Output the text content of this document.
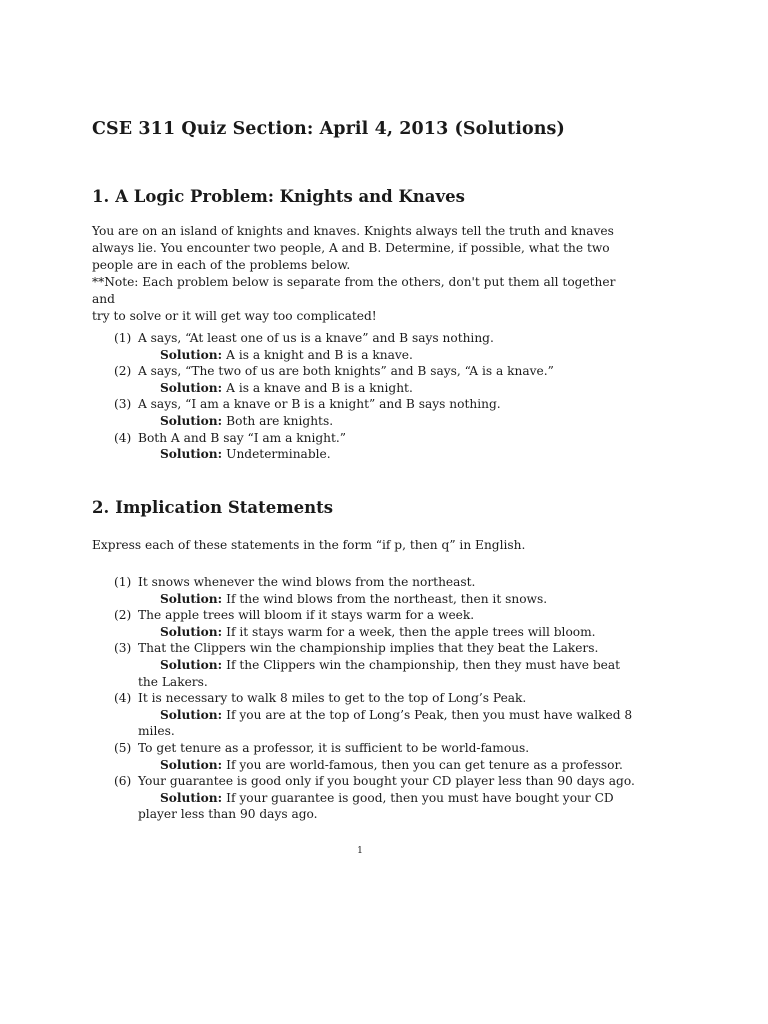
CSE 311 Quiz Section: April 4, 2013 (Solutions)
1. A Logic Problem: Knights and Knaves

You are on an island of knights and knaves. Knights always tell the truth and knaves

always lie. You encounter two people, A and B. Determine, if possible, what the two

people are in each of the problems below.

**Note: Each problem below is separate from the others, don't put them all together and

try to solve or it will get way too complicated!

(1) A says, “At least one of us is a knave” and B says nothing.
Solution: A is a knight and B is a knave.
(2) A says, “The two of us are both knights” and B says, “A is a knave.”
Solution: A is a knave and B is a knight.
(3) A says, “I am a knave or B is a knight” and B says nothing.
Solution: Both are knights.
(4) Both A and B say “I am a knight.”
Solution: Undeterminable.
2. Implication Statements

Express each of these statements in the form “if p, then q” in English.

(1) It snows whenever the wind blows from the northeast.
Solution: If the wind blows from the northeast, then it snows.
(2) The apple trees will bloom if it stays warm for a week.
Solution: If it stays warm for a week, then the apple trees will bloom.
(3) That the Clippers win the championship implies that they beat the Lakers.
Solution: If the Clippers win the championship, then they must have beat
the Lakers.
(4) It is necessary to walk 8 miles to get to the top of Long’s Peak.
Solution: If you are at the top of Long’s Peak, then you must have walked 8
miles.
(5) To get tenure as a professor, it is sufficient to be world-famous.
Solution: If you are world-famous, then you can get tenure as a professor.
(6) Your guarantee is good only if you bought your CD player less than 90 days ago.
Solution: If your guarantee is good, then you must have bought your CD
player less than 90 days ago.
1
